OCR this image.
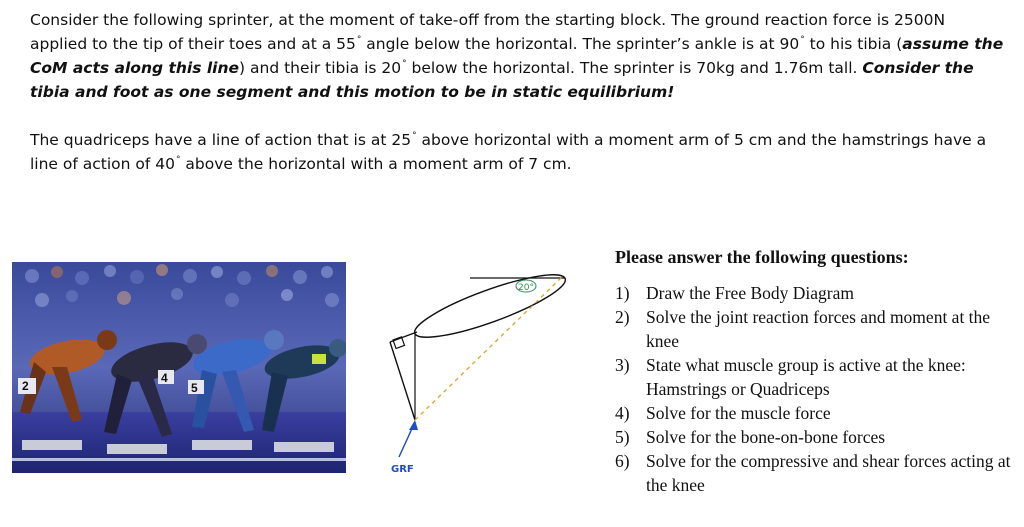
Consider the following sprinter, at the moment of take-off from the starting block. The ground reaction force is 2500N applied to the tip of their toes and at a 55° angle below the horizontal. The sprinter’s ankle is at 90° to his tibia (assume the CoM acts along this line) and their tibia is 20° below the horizontal. The sprinter is 70kg and 1.76m tall. Consider the tibia and foot as one segment and this motion to be in static equilibrium!

The quadriceps have a line of action that is at 25° above horizontal with a moment arm of 5 cm and the hamstrings have a line of action of 40° above the horizontal with a moment arm of 7 cm.

2
4
5
20°
GRF
Please answer the following questions:
1) Draw the Free Body Diagram
2) Solve the joint reaction forces and moment at the knee
3) State what muscle group is active at the knee: Hamstrings or Quadriceps
4) Solve for the muscle force
5) Solve for the bone-on-bone forces
6) Solve for the compressive and shear forces acting at the knee
